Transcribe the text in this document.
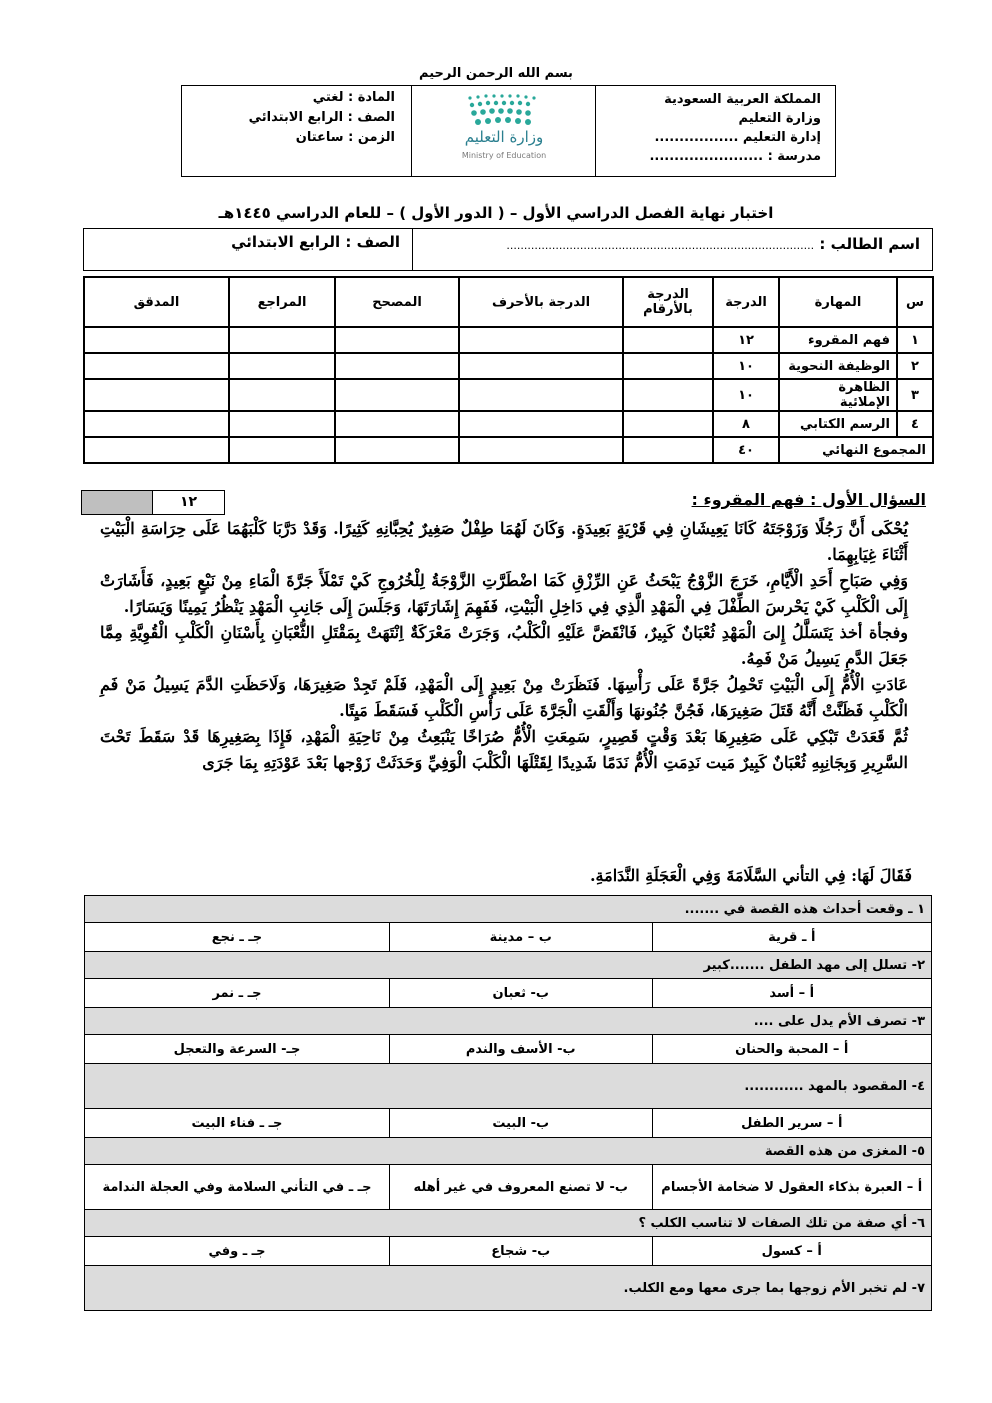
بسم الله الرحمن الرحيم
المملكة العربية السعودية
وزارة التعليم
إدارة التعليم .................
مدرسة : .......................
وزارة التعليم
Ministry of Education
المادة : لغتي
الصف : الرابع الابتدائي
الزمن : ساعتان
اختبار نهاية الفصل الدراسي الأول – ( الدور الأول ) – للعام الدراسي ١٤٤٥هـ
اسم الطالب : ........................................................................................
الصف : الرابع الابتدائي
س	المهارة	الدرجة	الدرجة بالأرقام	الدرجة بالأحرف	المصحح	المراجع	المدقق
١	فهم المقروء	١٢					
٢	الوظيفة النحوية	١٠					
٣	الظاهرة الإملائية	١٠					
٤	الرسم الكتابي	٨					
المجموع النهائي		٤٠					
السؤال الأول : فهم المقروء :
١٢

يُحْكَى أَنَّ رَجُلًا وَزَوْجَتَهُ كَانَا يَعِيشَانِ فِي قَرْيَةٍ بَعِيدَةٍ. وَكَانَ لَهُمَا طِفْلٌ صَغِيرٌ يُحِبَّانِهِ كَثِيرًا. وَقَدْ دَرَّبَا كَلْبَهُمَا عَلَى حِرَاسَةِ الْبَيْتِ أَثْنَاءَ غِيَابِهِمَا.

وَفِي صَبَاحِ أَحَدِ الْأَيَّامِ، خَرَجَ الزَّوْجُ يَبْحَثُ عَنِ الرِّزْقِ كَمَا اضْطَرَّتِ الزَّوْجَةُ لِلْخُرُوجِ كَيْ تَمْلَأَ جَرَّةَ الْمَاءِ مِنْ نَبْعٍ بَعِيدٍ، فَأَشَارَتْ إِلَى الْكَلْبِ كَيْ يَحْرسَ الطِّفْلَ فِي الْمَهْدِ الَّذِي فِي دَاخِلِ الْبَيْتِ، فَفَهِمَ إِشَارَتَهَا، وَجَلَسَ إِلَى جَانِبِ الْمَهْدِ يَنْظُرُ يَمِينًا وَيَسَارًا.

وفجأة أخذ يَتَسَلَّلُ إِلىَ الْمَهْدِ ثُعْبَانٌ كَبِيرٌ، فَانْقَضَّ عَلَيْهِ الْكَلْبُ، وَجَرَتْ مَعْرَكَةٌ اِنْتَهَتْ بِمَقْتَلِ الثُّعْبَانِ بِأَسْنَانِ الْكَلْبِ الْقُوِيَّةِ مِمَّا جَعَلَ الدَّمِ يَسِيلُ مَنْ فَمِهُ.

عَادَتِ الْأُمُّ إِلَى الْبَيْتِ تَحْمِلُ جَرَّةً عَلَى رَأْسِهَا. فَنَظَرَتْ مِنْ بَعِيدٍ إِلَى الْمَهْدِ، فَلَمْ تَجِدْ صَغِيرَهَا، وَلَاحَظَتِ الدَّمَ يَسِيلُ مَنْ فَمِ الْكَلْبِ فَظَنَّتْ أَنَّهُ قَتَلَ صَغِيرَهَا، فَجُنَّ جُنُونهَا وَأَلْقَتِ الْجَرَّةَ عَلَى رَأْسِ الْكَلْبِ فَسَقَطَ مَيِتًا.

ثُمَّ قَعَدَتْ تَبْكِي عَلَى صَغِيرِهَا بَعْدَ وَقْتٍ قَصِيرٍ، سَمِعَتِ الْأُمُّ صُرَاخًا يَنْبَعِثُ مِنْ نَاحِيَةِ الْمَهْدِ، فَإِذَا بِصَغِيرِهَا قَدْ سَقَطَ تَحْتَ السَّرِيرِ وَبِجَانِبِهِ ثُعْبَانٌ كَبِيرٌ مَيت نَدِمَتِ الْأُمُّ نَدَمًا شَدِيدًا لِقَتْلَهَا الْكَلْبَ الْوَفِيِّ وَحَدَثَتْ زَوْجها بَعْدَ عَوْدَتِهِ بِمَا جَرَى

فَقَالَ لَهَا: فِي التأني السَّلَامَةَ وَفِي الْعَجَلَةِ النَّدَامَةِ.
١ ـ وقعت أحداث هذه القصة في .......		
أ ـ قرية	ب – مدينة	جـ ـ نجع
٢- تسلل إلى مهد الطفل .......كبير		
أ – أسد	ب- ثعبان	جـ ـ نمر
٣- تصرف الأم يدل على ....		
أ – المحبة والحنان	ب- الأسف والندم	جـ- السرعة والتعجل
٤- المقصود بالمهد ............		
أ – سرير الطفل	ب- البيت	جـ ـ فناء البيت
٥- المغزى من هذه القصة		
أ – العبرة بذكاء العقول لا ضخامة الأجسام	ب- لا تصنع المعروف في غير أهله	جـ ـ في التأني السلامة وفي العجلة الندامة
٦- أي صفة من تلك الصفات لا تناسب الكلب ؟		
أ – كسول	ب- شجاع	جـ ـ وفي
٧- لم تخبر الأم زوجها بما جرى معها ومع الكلب.		
